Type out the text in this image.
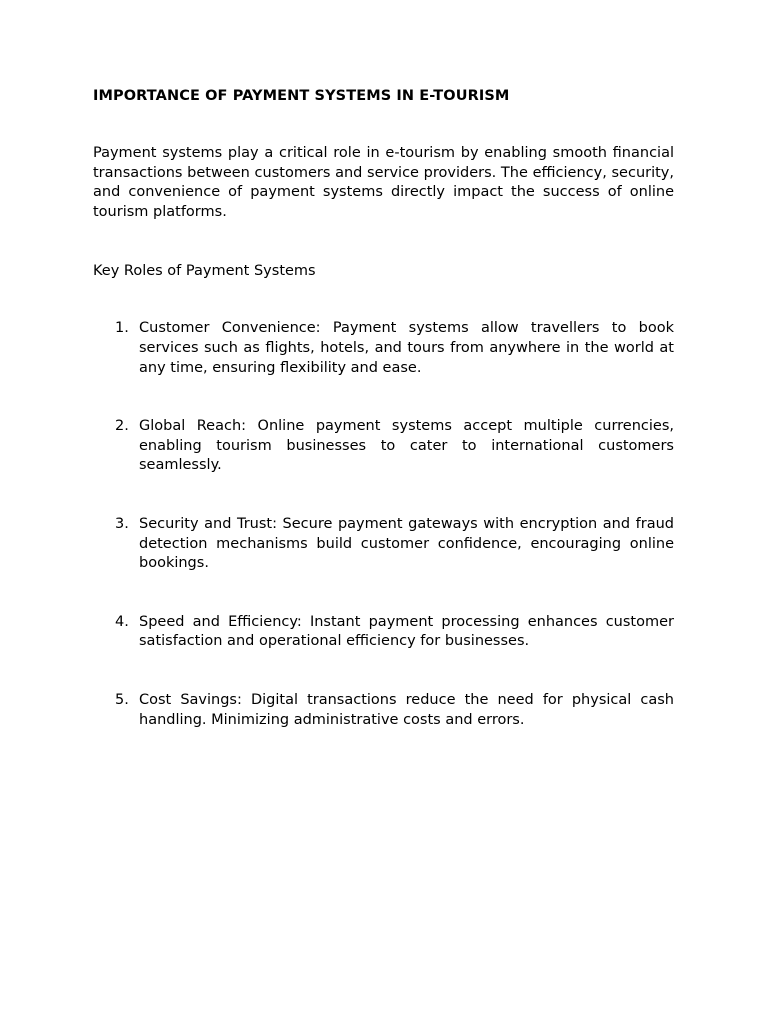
IMPORTANCE OF PAYMENT SYSTEMS IN E-TOURISM

Payment systems play a critical role in e-tourism by enabling smooth financial transactions between customers and service providers. The efficiency, security, and convenience of payment systems directly impact the success of online tourism platforms.

Key Roles of Payment Systems

1. Customer Convenience: Payment systems allow travellers to book services such as flights, hotels, and tours from anywhere in the world at any time, ensuring flexibility and ease.
2. Global Reach: Online payment systems accept multiple currencies, enabling tourism businesses to cater to international customers seamlessly.
3. Security and Trust: Secure payment gateways with encryption and fraud detection mechanisms build customer confidence, encouraging online bookings.
4. Speed and Efficiency: Instant payment processing enhances customer satisfaction and operational efficiency for businesses.
5. Cost Savings: Digital transactions reduce the need for physical cash handling. Minimizing administrative costs and errors.
